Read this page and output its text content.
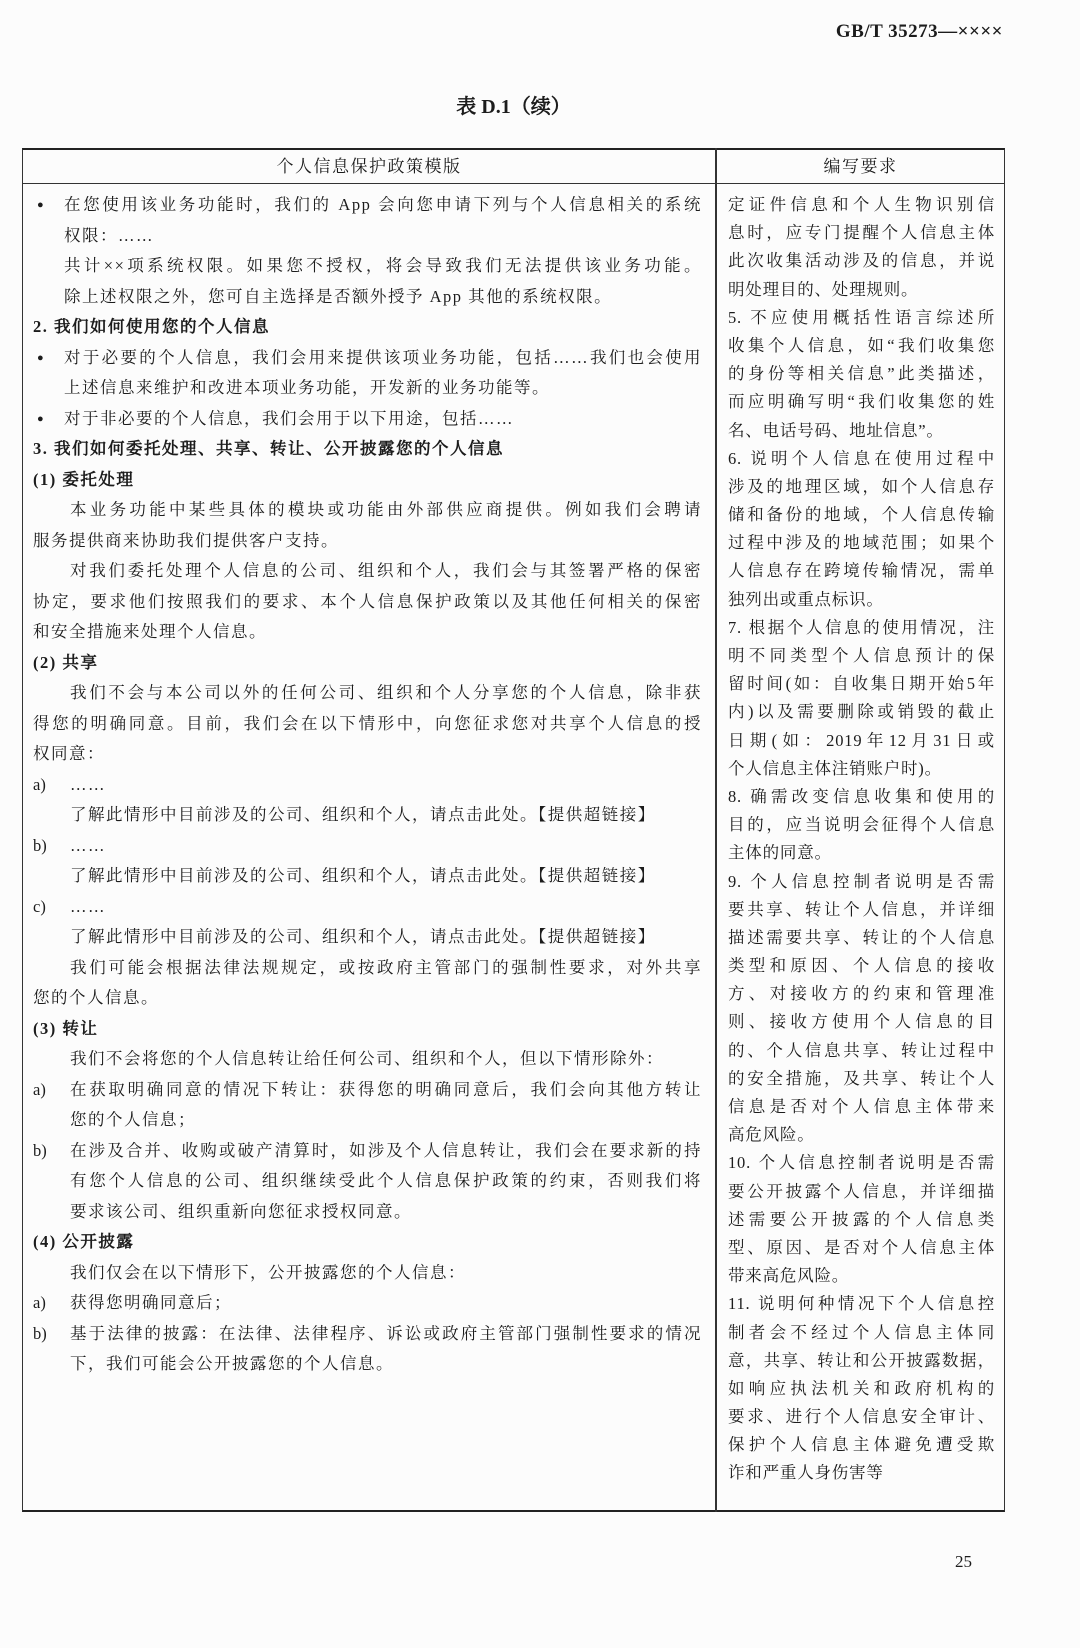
GB/T 35273—××××
表 D.1（续）
个人信息保护政策模版	编写要求
● 在您使用该业务功能时，我们的 App 会向您申请下列与个人信息相关的系统
权限：……
共计××项系统权限。如果您不授权，将会导致我们无法提供该业务功能。
除上述权限之外，您可自主选择是否额外授予 App 其他的系统权限。
2. 我们如何使用您的个人信息
● 对于必要的个人信息，我们会用来提供该项业务功能，包括……我们也会使用
上述信息来维护和改进本项业务功能，开发新的业务功能等。
● 对于非必要的个人信息，我们会用于以下用途，包括……
3. 我们如何委托处理、共享、转让、公开披露您的个人信息
(1) 委托处理
本业务功能中某些具体的模块或功能由外部供应商提供。例如我们会聘请
服务提供商来协助我们提供客户支持。
对我们委托处理个人信息的公司、组织和个人，我们会与其签署严格的保密
协定，要求他们按照我们的要求、本个人信息保护政策以及其他任何相关的保密
和安全措施来处理个人信息。
(2) 共享
我们不会与本公司以外的任何公司、组织和个人分享您的个人信息，除非获
得您的明确同意。目前，我们会在以下情形中，向您征求您对共享个人信息的授
权同意：
a) ……
了解此情形中目前涉及的公司、组织和个人，请点击此处。【提供超链接】
b) ……
了解此情形中目前涉及的公司、组织和个人，请点击此处。【提供超链接】
c) ……
了解此情形中目前涉及的公司、组织和个人，请点击此处。【提供超链接】
我们可能会根据法律法规规定，或按政府主管部门的强制性要求，对外共享
您的个人信息。
(3) 转让
我们不会将您的个人信息转让给任何公司、组织和个人，但以下情形除外：
a) 在获取明确同意的情况下转让：获得您的明确同意后，我们会向其他方转让
您的个人信息；
b) 在涉及合并、收购或破产清算时，如涉及个人信息转让，我们会在要求新的持
有您个人信息的公司、组织继续受此个人信息保护政策的约束，否则我们将
要求该公司、组织重新向您征求授权同意。
(4) 公开披露
我们仅会在以下情形下，公开披露您的个人信息：
a) 获得您明确同意后；
b) 基于法律的披露：在法律、法律程序、诉讼或政府主管部门强制性要求的情况
下，我们可能会公开披露您的个人信息。
定证件信息和个人生物识别信
息时，应专门提醒个人信息主体
此次收集活动涉及的信息，并说
明处理目的、处理规则。
5. 不应使用概括性语言综述所
收集个人信息，如“我们收集您
的身份等相关信息”此类描述，
而应明确写明“我们收集您的姓
名、电话号码、地址信息”。
6. 说明个人信息在使用过程中
涉及的地理区域，如个人信息存
储和备份的地域，个人信息传输
过程中涉及的地域范围；如果个
人信息存在跨境传输情况，需单
独列出或重点标识。
7. 根据个人信息的使用情况，注
明不同类型个人信息预计的保
留时间(如：自收集日期开始5年
内)以及需要删除或销毁的截止
日期(如：2019年12月31日或
个人信息主体注销账户时)。
8. 确需改变信息收集和使用的
目的，应当说明会征得个人信息
主体的同意。
9. 个人信息控制者说明是否需
要共享、转让个人信息，并详细
描述需要共享、转让的个人信息
类型和原因、个人信息的接收
方、对接收方的约束和管理准
则、接收方使用个人信息的目
的、个人信息共享、转让过程中
的安全措施，及共享、转让个人
信息是否对个人信息主体带来
高危风险。
10. 个人信息控制者说明是否需
要公开披露个人信息，并详细描
述需要公开披露的个人信息类
型、原因、是否对个人信息主体
带来高危风险。
11. 说明何种情况下个人信息控
制者会不经过个人信息主体同
意，共享、转让和公开披露数据，
如响应执法机关和政府机构的
要求、进行个人信息安全审计、
保护个人信息主体避免遭受欺
诈和严重人身伤害等
25
